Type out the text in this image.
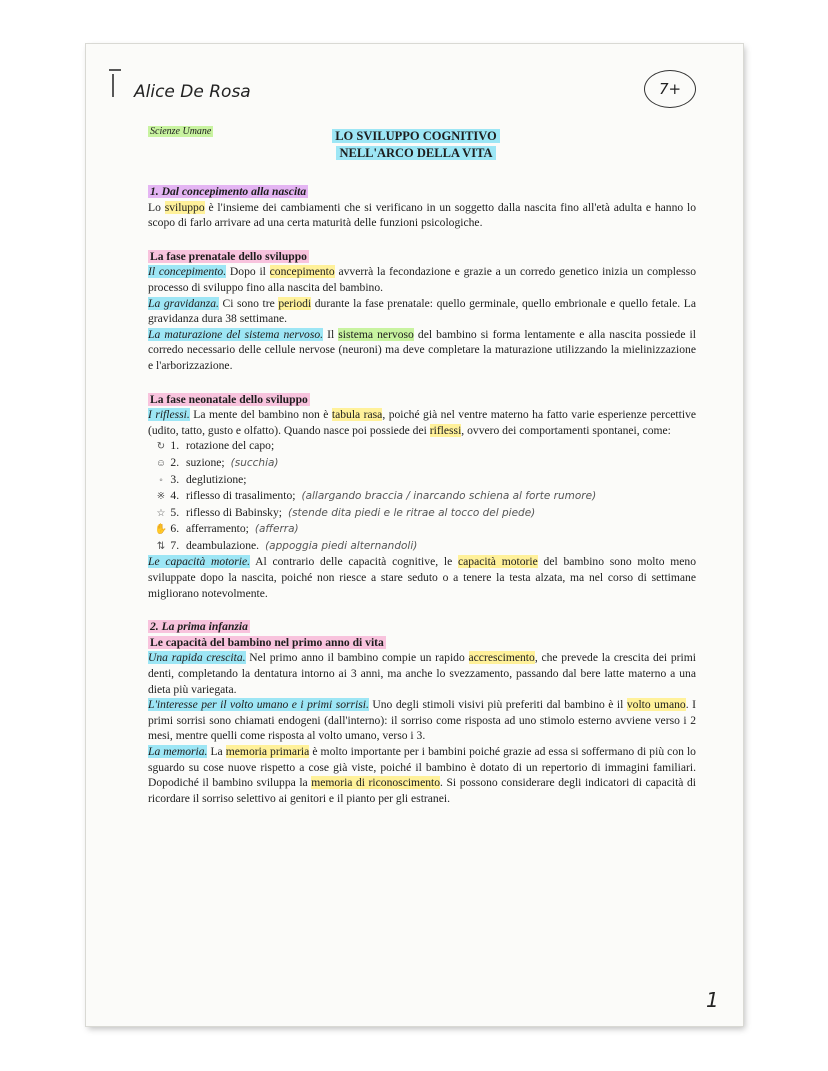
Alice De Rosa	7+
Scienze Umane	LO SVILUPPO COGNITIVO
NELL'ARCO DELLA VITA
1. Dal concepimento alla nascita

Lo sviluppo è l'insieme dei cambiamenti che si verificano in un soggetto dalla nascita fino all'età adulta e hanno lo scopo di farlo arrivare ad una certa maturità delle funzioni psicologiche.

La fase prenatale dello sviluppo

Il concepimento. Dopo il concepimento avverrà la fecondazione e grazie a un corredo genetico inizia un complesso processo di sviluppo fino alla nascita del bambino.

La gravidanza. Ci sono tre periodi durante la fase prenatale: quello germinale, quello embrionale e quello fetale. La gravidanza dura 38 settimane.

La maturazione del sistema nervoso. Il sistema nervoso del bambino si forma lentamente e alla nascita possiede il corredo necessario delle cellule nervose (neuroni) ma deve completare la maturazione utilizzando la mielinizzazione e l'arborizzazione.

La fase neonatale dello sviluppo

I riflessi. La mente del bambino non è tabula rasa, poiché già nel ventre materno ha fatto varie esperienze percettive (udito, tatto, gusto e olfatto). Quando nasce poi possiede dei riflessi, ovvero dei comportamenti spontanei, come:

1. ↻	rotazione del capo;
2. ☺	suzione; (succhia)
3. ◦	deglutizione;
4. ※	riflesso di trasalimento; (allargando braccia / inarcando schiena al forte rumore)
5. ☆	riflesso di Babinsky; (stende dita piedi e le ritrae al tocco del piede)
6. ✋ afferramento; (afferra)
7. ⇅	deambulazione. (appoggia piedi alternandoli)

Le capacità motorie. Al contrario delle capacità cognitive, le capacità motorie del bambino sono molto meno sviluppate dopo la nascita, poiché non riesce a stare seduto o a tenere la testa alzata, ma nel corso di settimane migliorano notevolmente.

2. La prima infanzia
Le capacità del bambino nel primo anno di vita

Una rapida crescita. Nel primo anno il bambino compie un rapido accrescimento, che prevede la crescita dei primi denti, completando la dentatura intorno ai 3 anni, ma anche lo svezzamento, passando dal bere latte materno a una dieta più variegata.

L'interesse per il volto umano e i primi sorrisi. Uno degli stimoli visivi più preferiti dal bambino è il volto umano. I primi sorrisi sono chiamati endogeni (dall'interno): il sorriso come risposta ad uno stimolo esterno avviene verso i 2 mesi, mentre quelli come risposta al volto umano, verso i 3.

La memoria. La memoria primaria è molto importante per i bambini poiché grazie ad essa si soffermano di più con lo sguardo su cose nuove rispetto a cose già viste, poiché il bambino è dotato di un repertorio di immagini familiari. Dopodiché il bambino sviluppa la memoria di riconoscimento. Si possono considerare degli indicatori di capacità di ricordare il sorriso selettivo ai genitori e il pianto per gli estranei.

1
